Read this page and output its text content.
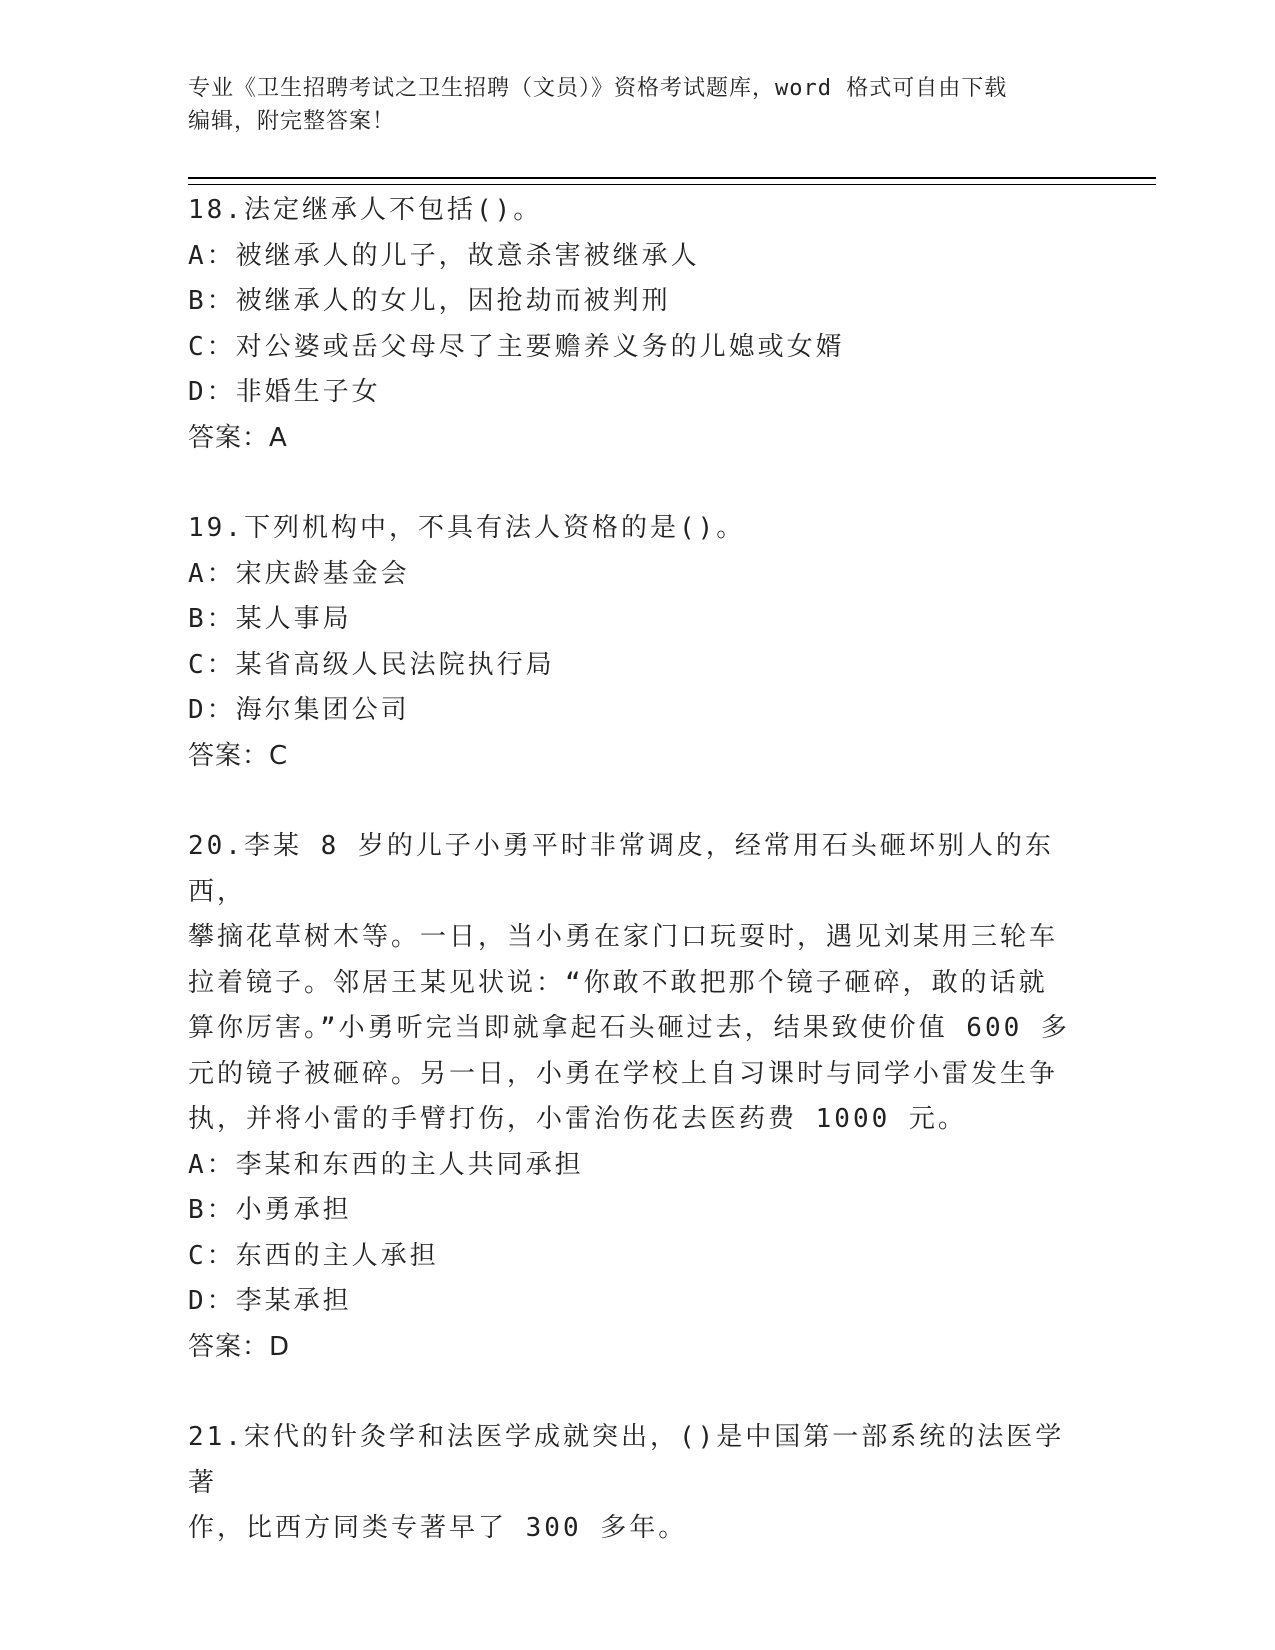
专业《卫生招聘考试之卫生招聘（文员）》资格考试题库，word 格式可自由下载
编辑，附完整答案！
18.法定继承人不包括()。
A：被继承人的儿子，故意杀害被继承人
B：被继承人的女儿，因抢劫而被判刑
C：对公婆或岳父母尽了主要赡养义务的儿媳或女婿
D：非婚生子女
答案：A
19.下列机构中，不具有法人资格的是()。
A：宋庆龄基金会
B：某人事局
C：某省高级人民法院执行局
D：海尔集团公司
答案：C
20.李某 8 岁的儿子小勇平时非常调皮，经常用石头砸坏别人的东西，
攀摘花草树木等。一日，当小勇在家门口玩耍时，遇见刘某用三轮车
拉着镜子。邻居王某见状说：“你敢不敢把那个镜子砸碎，敢的话就
算你厉害。”小勇听完当即就拿起石头砸过去，结果致使价值 600 多
元的镜子被砸碎。另一日，小勇在学校上自习课时与同学小雷发生争
执，并将小雷的手臂打伤，小雷治伤花去医药费 1000 元。
A：李某和东西的主人共同承担
B：小勇承担
C：东西的主人承担
D：李某承担
答案：D
21.宋代的针灸学和法医学成就突出，()是中国第一部系统的法医学著
作，比西方同类专著早了 300 多年。
